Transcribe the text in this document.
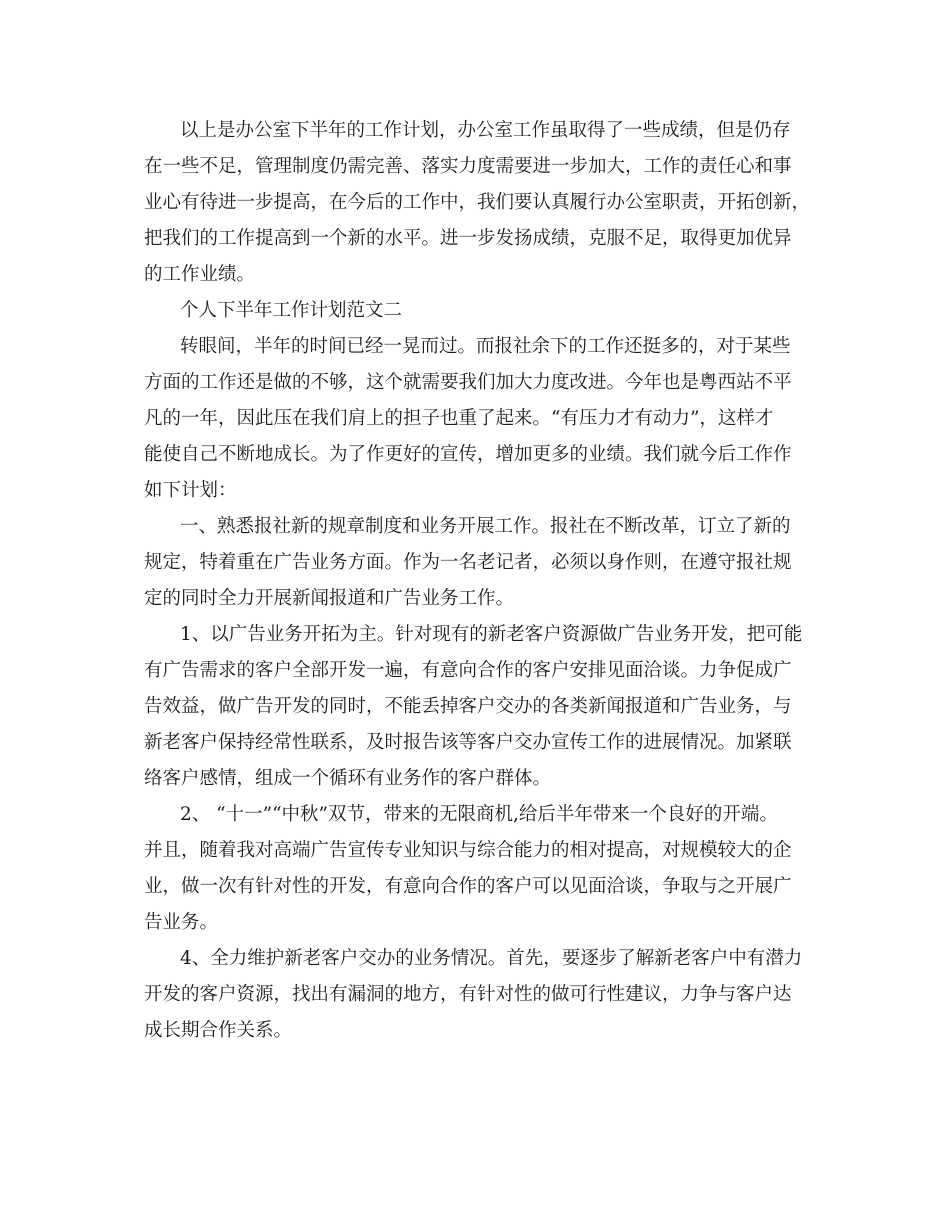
以上是办公室下半年的工作计划，办公室工作虽取得了一些成绩，但是仍存
在一些不足，管理制度仍需完善、落实力度需要进一步加大，工作的责任心和事
业心有待进一步提高，在今后的工作中，我们要认真履行办公室职责，开拓创新，
把我们的工作提高到一个新的水平。进一步发扬成绩，克服不足，取得更加优异
的工作业绩。
个人下半年工作计划范文二
转眼间，半年的时间已经一晃而过。而报社余下的工作还挺多的，对于某些
方面的工作还是做的不够，这个就需要我们加大力度改进。今年也是粤西站不平
凡的一年，因此压在我们肩上的担子也重了起来。“有压力才有动力”，这样才
能使自己不断地成长。为了作更好的宣传，增加更多的业绩。我们就今后工作作
如下计划：
一、熟悉报社新的规章制度和业务开展工作。报社在不断改革，订立了新的
规定，特着重在广告业务方面。作为一名老记者，必须以身作则，在遵守报社规
定的同时全力开展新闻报道和广告业务工作。
1、以广告业务开拓为主。针对现有的新老客户资源做广告业务开发，把可能
有广告需求的客户全部开发一遍，有意向合作的客户安排见面洽谈。力争促成广
告效益，做广告开发的同时，不能丢掉客户交办的各类新闻报道和广告业务，与
新老客户保持经常性联系，及时报告该等客户交办宣传工作的进展情况。加紧联
络客户感情，组成一个循环有业务作的客户群体。
2、 “十一”“中秋”双节，带来的无限商机,给后半年带来一个良好的开端。
并且，随着我对高端广告宣传专业知识与综合能力的相对提高，对规模较大的企
业，做一次有针对性的开发，有意向合作的客户可以见面洽谈，争取与之开展广
告业务。
4、全力维护新老客户交办的业务情况。首先，要逐步了解新老客户中有潜力
开发的客户资源，找出有漏洞的地方，有针对性的做可行性建议，力争与客户达
成长期合作关系。
